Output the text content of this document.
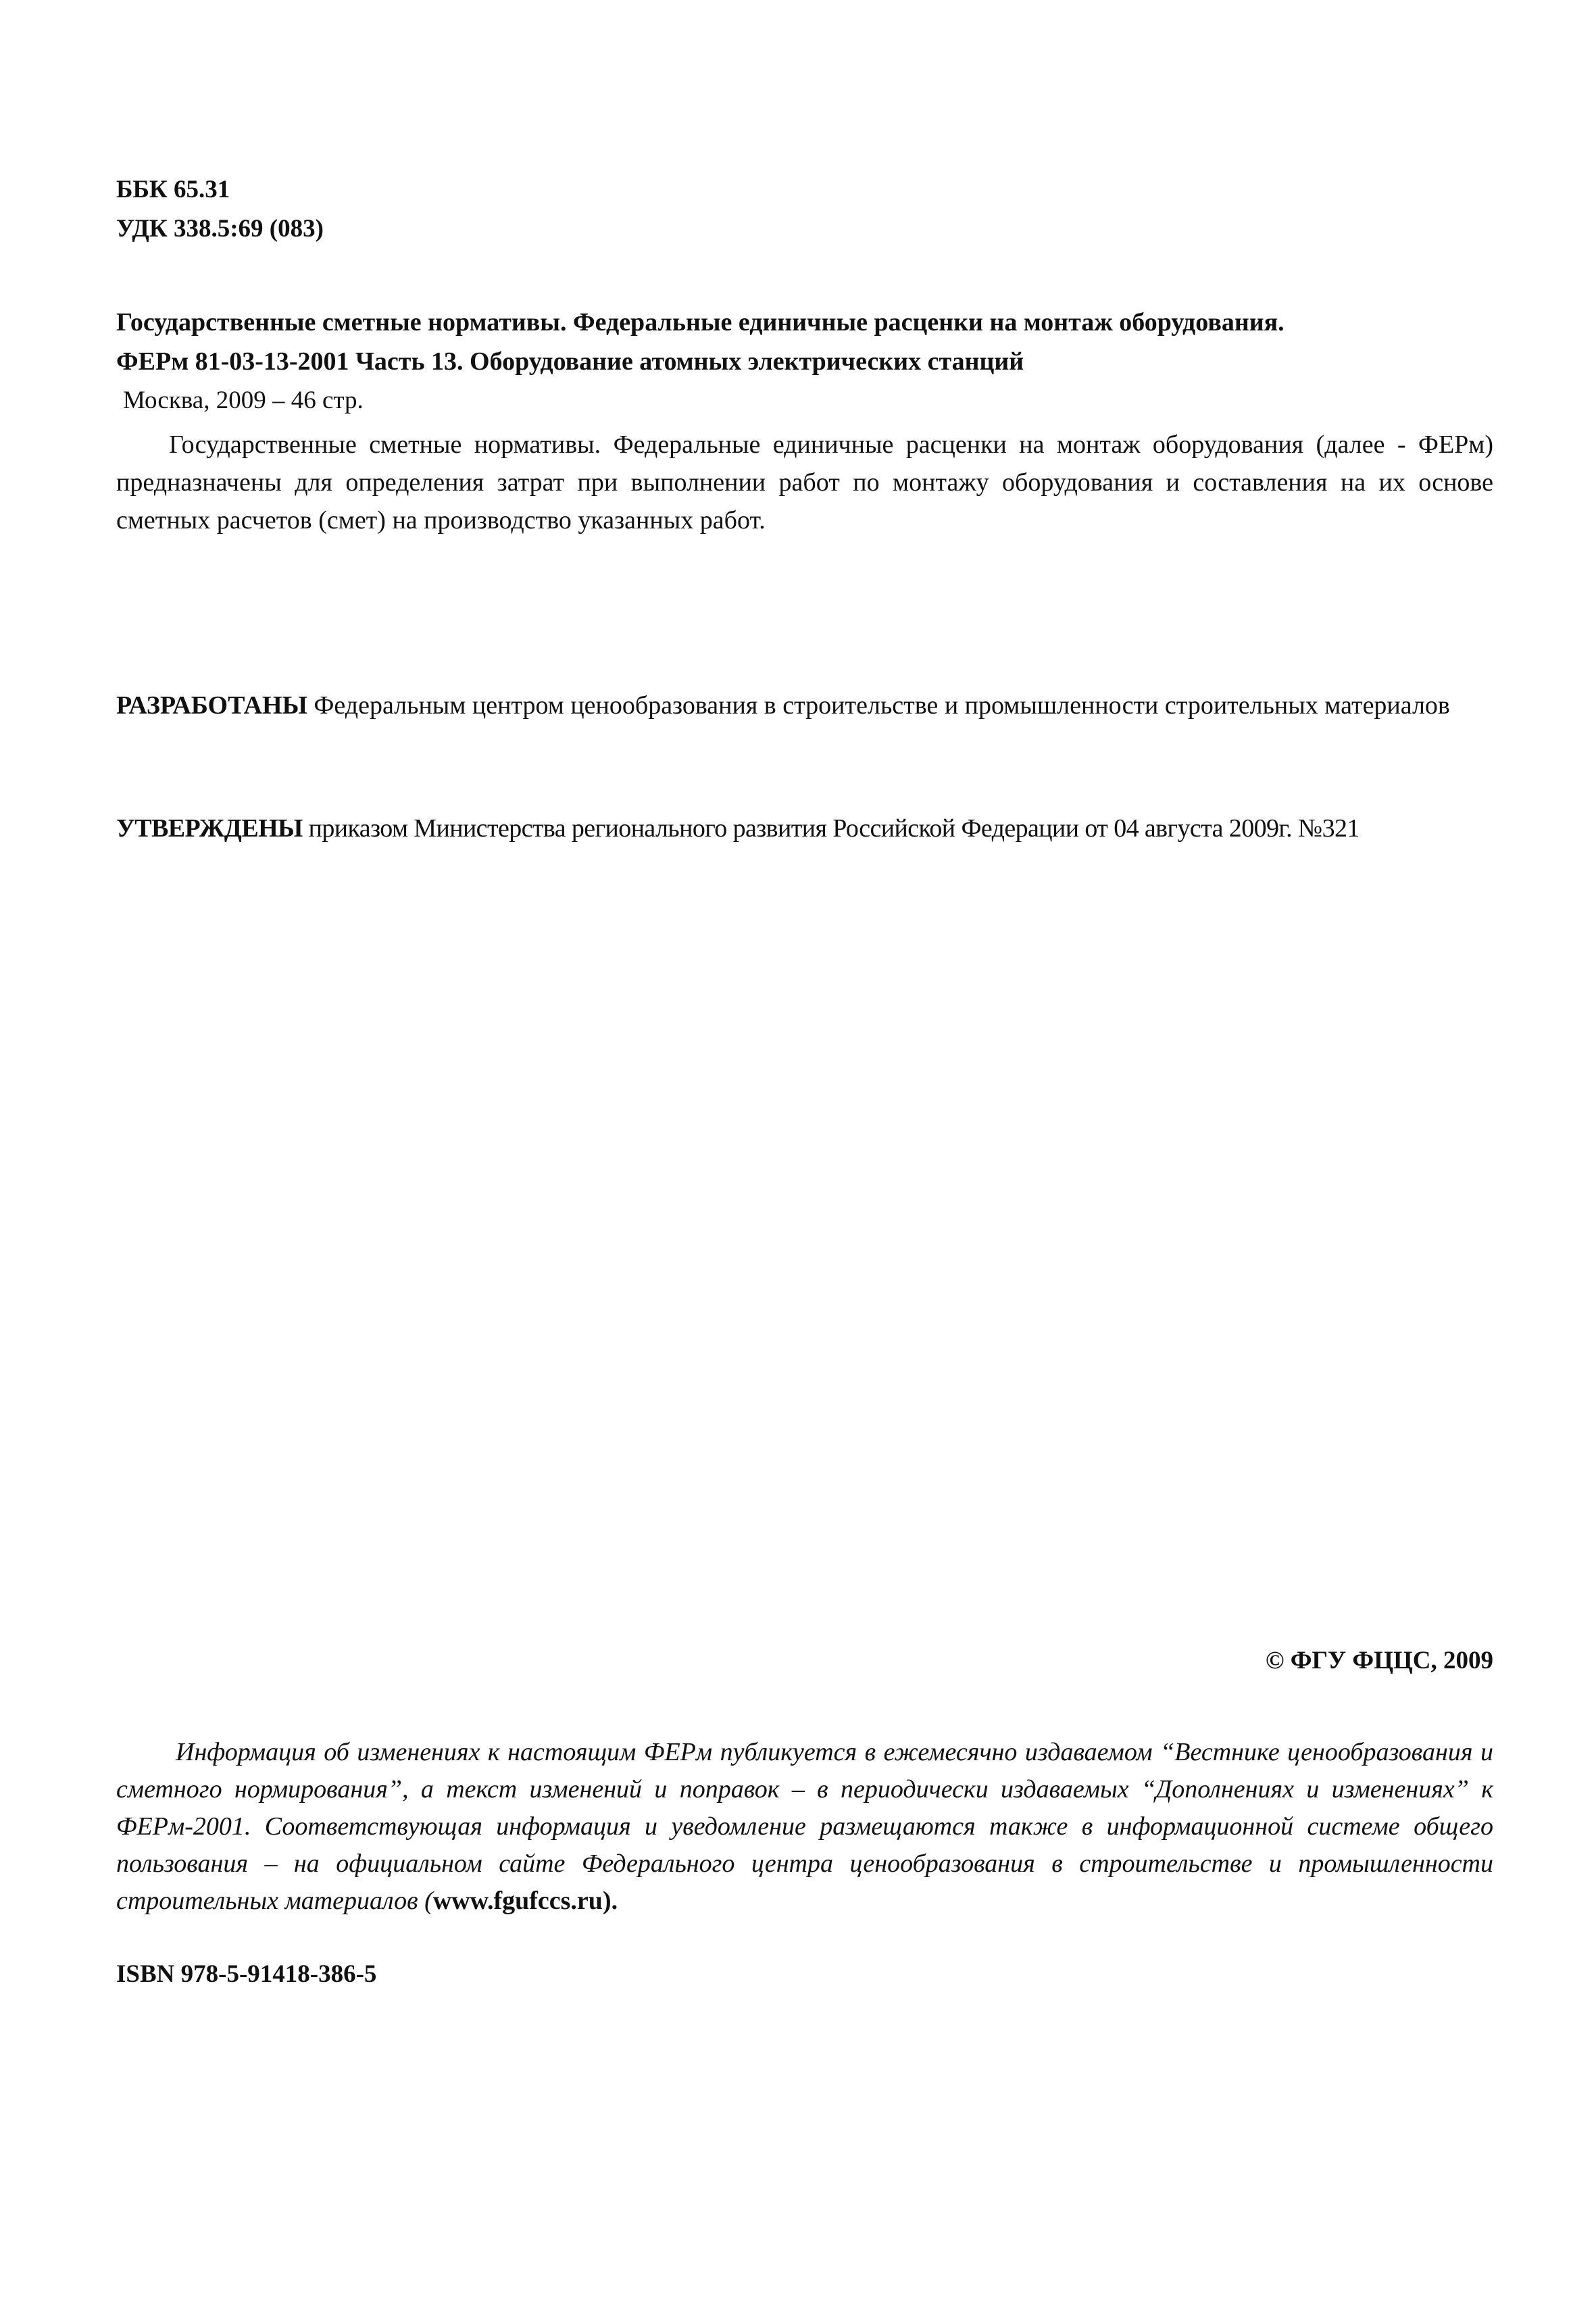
ББК 65.31
УДК 338.5:69 (083)
Государственные сметные нормативы. Федеральные единичные расценки на монтаж оборудования.
ФЕРм 81-03-13-2001 Часть 13. Оборудование атомных электрических станций
Москва, 2009 – 46 стр.
Государственные сметные нормативы. Федеральные единичные расценки на монтаж оборудования (далее - ФЕРм) предназначены для определения затрат при выполнении работ по монтажу оборудования и составления на их основе сметных расчетов (смет) на производство указанных работ.
РАЗРАБОТАНЫ Федеральным центром ценообразования в строительстве и промышленности строительных материалов
УТВЕРЖДЕНЫ приказом Министерства регионального развития Российской Федерации от 04 августа 2009г. №321
© ФГУ ФЦЦС, 2009
Информация об изменениях к настоящим ФЕРм публикуется в ежемесячно издаваемом “Вестнике ценообразования и сметного нормирования”, а текст изменений и поправок – в периодически издаваемых “Дополнениях и изменениях” к ФЕРм-2001. Соответствующая информация и уведомление размещаются также в информационной системе общего пользования – на официальном сайте Федерального центра ценообразования в строительстве и промышленности строительных материалов (www.fgufccs.ru).
ISBN 978-5-91418-386-5
